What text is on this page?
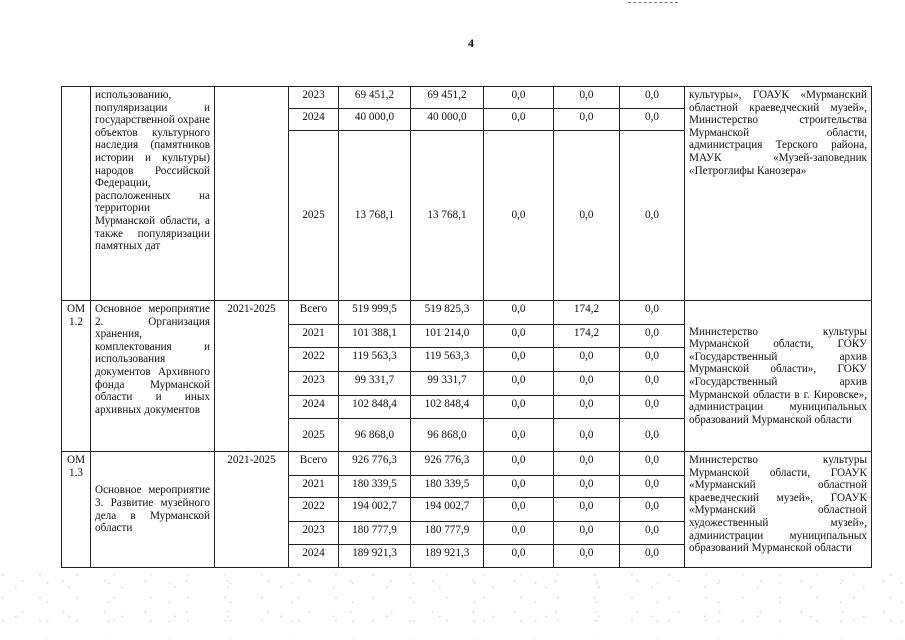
4
	использованию, популяризации и государственной охране объектов культурного наследия (памятников истории и культуры) народов Российской Федерации, расположенных на территории Мурманской области, а также популяризации памятных дат		2023	69 451,2	69 451,2	0,0	0,0	0,0	культуры», ГОАУК «Мурманский областной краеведческий музей», Министерство строительства Мурманской области, администрация Терского района, МАУК «Музей-заповедник «Петроглифы Канозера»
			2024	40 000,0	40 000,0	0,0	0,0	0,0	
			2025	13 768,1	13 768,1	0,0	0,0	0,0	
ОМ 1.2	Основное мероприятие 2. Организация хранения, комплектования и использования документов Архивного фонда Мурманской области и иных архивных документов	2021-2025	Всего	519 999,5	519 825,3	0,0	174,2	0,0	Министерство культуры Мурманской области, ГОКУ «Государственный архив Мурманской области», ГОКУ «Государственный архив Мурманской области в г. Кировске», администрации муниципальных образований Мурманской области
			2021	101 388,1	101 214,0	0,0	174,2	0,0	
			2022	119 563,3	119 563,3	0,0	0,0	0,0	
			2023	99 331,7	99 331,7	0,0	0,0	0,0	
			2024	102 848,4	102 848,4	0,0	0,0	0,0	
			2025	96 868,0	96 868,0	0,0	0,0	0,0	
ОМ 1.3	Основное мероприятие 3. Развитие музейного дела в Мурманской области	2021-2025	Всего	926 776,3	926 776,3	0,0	0,0	0,0	Министерство культуры Мурманской области, ГОАУК «Мурманский областной краеведческий музей», ГОАУК «Мурманский областной художественный музей», администрации муниципальных образований Мурманской области
			2021	180 339,5	180 339,5	0,0	0,0	0,0	
			2022	194 002,7	194 002,7	0,0	0,0	0,0	
			2023	180 777,9	180 777,9	0,0	0,0	0,0	
			2024	189 921,3	189 921,3	0,0	0,0	0,0	
